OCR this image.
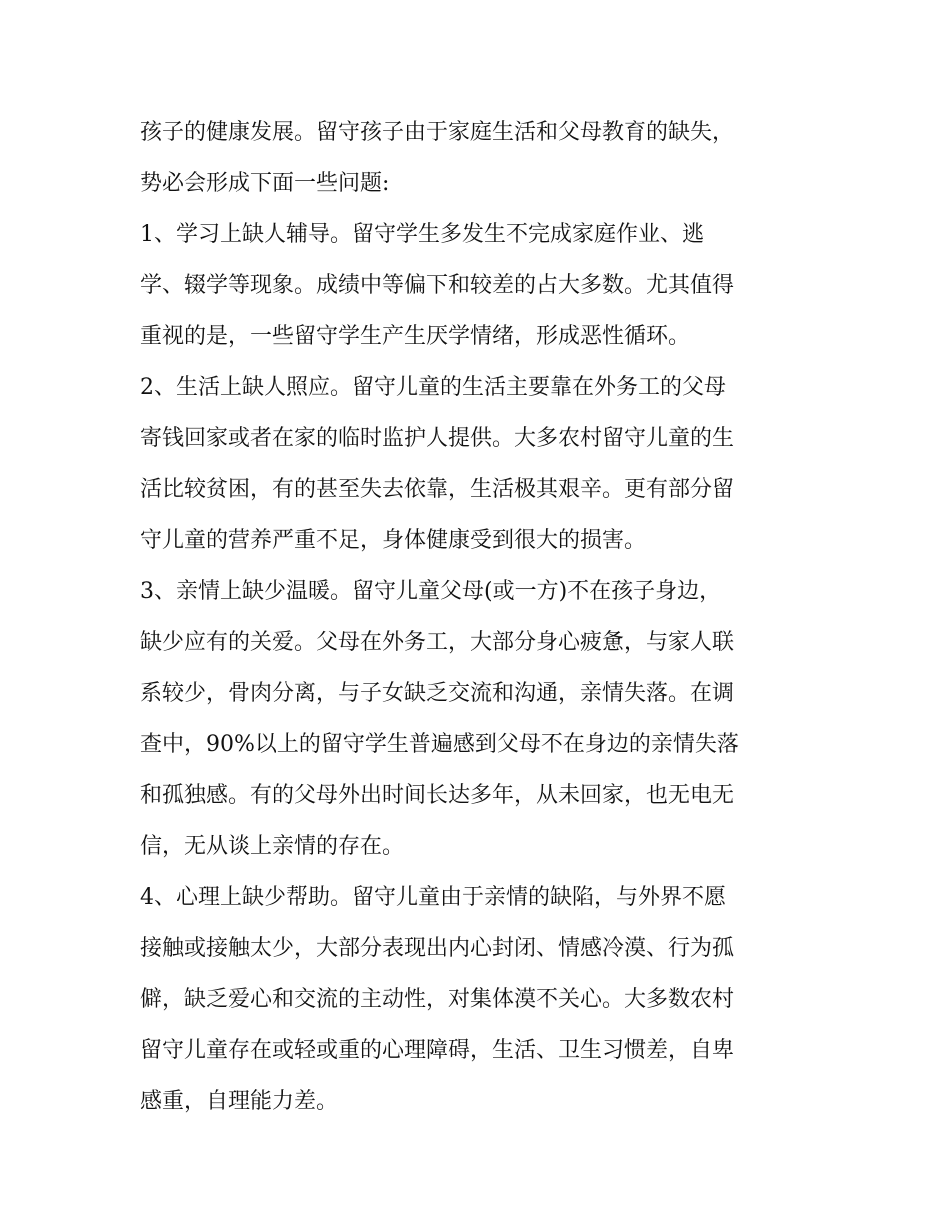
孩子的健康发展。留守孩子由于家庭生活和父母教育的缺失，
势必会形成下面一些问题:
1、学习上缺人辅导。留守学生多发生不完成家庭作业、逃
学、辍学等现象。成绩中等偏下和较差的占大多数。尤其值得
重视的是，一些留守学生产生厌学情绪，形成恶性循环。
2、生活上缺人照应。留守儿童的生活主要靠在外务工的父母
寄钱回家或者在家的临时监护人提供。大多农村留守儿童的生
活比较贫困，有的甚至失去依靠，生活极其艰辛。更有部分留
守儿童的营养严重不足，身体健康受到很大的损害。
3、亲情上缺少温暖。留守儿童父母(或一方)不在孩子身边，
缺少应有的关爱。父母在外务工，大部分身心疲惫，与家人联
系较少，骨肉分离，与子女缺乏交流和沟通，亲情失落。在调
查中，90%以上的留守学生普遍感到父母不在身边的亲情失落
和孤独感。有的父母外出时间长达多年，从未回家，也无电无
信，无从谈上亲情的存在。
4、心理上缺少帮助。留守儿童由于亲情的缺陷，与外界不愿
接触或接触太少，大部分表现出内心封闭、情感冷漠、行为孤
僻，缺乏爱心和交流的主动性，对集体漠不关心。大多数农村
留守儿童存在或轻或重的心理障碍，生活、卫生习惯差，自卑
感重，自理能力差。
